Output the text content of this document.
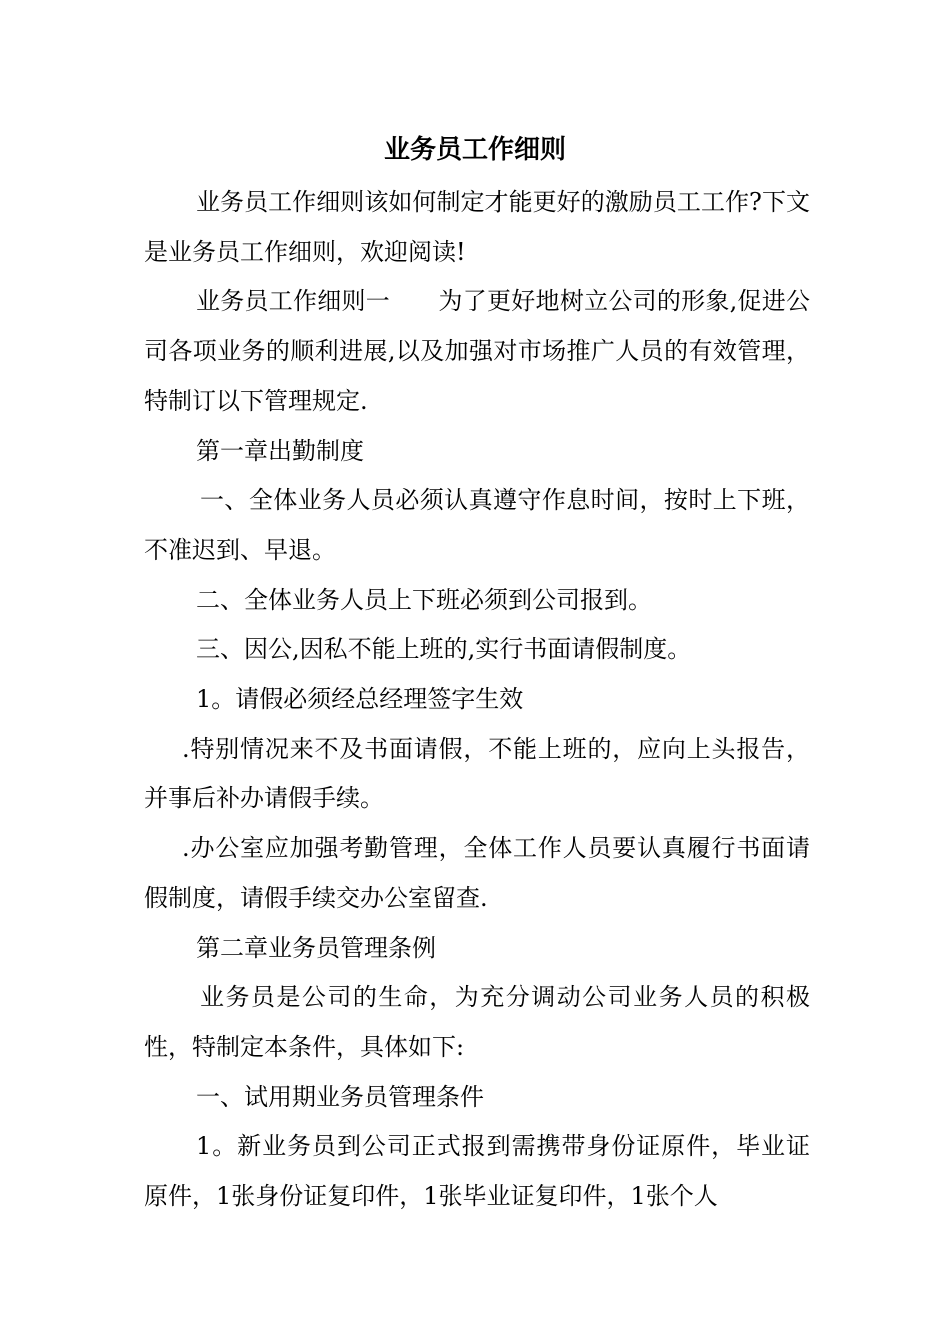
业务员工作细则

业务员工作细则该如何制定才能更好的激励员工工作?下文是业务员工作细则，欢迎阅读!

业务员工作细则一　　为了更好地树立公司的形象,促进公司各项业务的顺利进展,以及加强对市场推广人员的有效管理，特制订以下管理规定.

第一章出勤制度

一、全体业务人员必须认真遵守作息时间，按时上下班，不准迟到、早退。

二、全体业务人员上下班必须到公司报到。

三、因公,因私不能上班的,实行书面请假制度。

1。请假必须经总经理签字生效

.特别情况来不及书面请假，不能上班的，应向上头报告，并事后补办请假手续。

.办公室应加强考勤管理，全体工作人员要认真履行书面请假制度，请假手续交办公室留查.

第二章业务员管理条例

业务员是公司的生命，为充分调动公司业务人员的积极性，特制定本条件，具体如下:

一、试用期业务员管理条件

1。新业务员到公司正式报到需携带身份证原件，毕业证原件，1张身份证复印件，1张毕业证复印件，1张个人
